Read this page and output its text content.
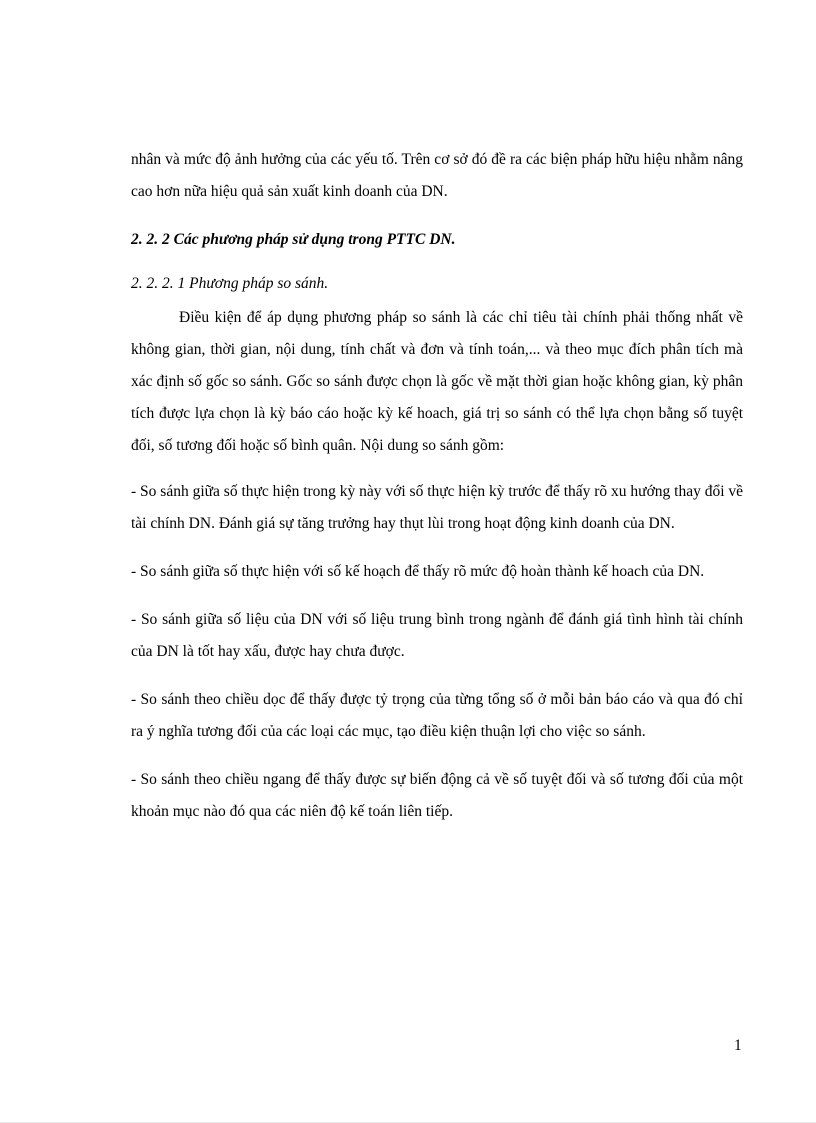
nhân và mức độ ảnh hưởng của các yếu tố. Trên cơ sở đó đề ra các biện pháp hữu hiệu nhằm nâng cao hơn nữa hiệu quả sản xuất kinh doanh của DN.

2. 2. 2 Các phương pháp sử dụng trong PTTC DN.

2. 2. 2. 1 Phương pháp so sánh.

Điều kiện để áp dụng phương pháp so sánh là các chỉ tiêu tài chính phải thống nhất về không gian, thời gian, nội dung, tính chất và đơn và tính toán,... và theo mục đích phân tích mà xác định số gốc so sánh. Gốc so sánh được chọn là gốc về mặt thời gian hoặc không gian, kỳ phân tích được lựa chọn là kỳ báo cáo hoặc kỳ kế hoach, giá trị so sánh có thể lựa chọn bằng số tuyệt đối, số tương đối hoặc số bình quân. Nội dung so sánh gồm:

- So sánh giữa số thực hiện trong kỳ này với số thực hiện kỳ trước để thấy rõ xu hướng thay đổi về tài chính DN. Đánh giá sự tăng trưởng hay thụt lùi trong hoạt động kinh doanh của DN.

- So sánh giữa số thực hiện với số kế hoạch để thấy rõ mức độ hoàn thành kế hoach của DN.

- So sánh giữa số liệu của DN với số liệu trung bình trong ngành để đánh giá tình hình tài chính của DN là tốt hay xấu, được hay chưa được.

- So sánh theo chiều dọc để thấy được tỷ trọng của từng tổng số ở mỗi bản báo cáo và qua đó chỉ ra ý nghĩa tương đối của các loại các mục, tạo điều kiện thuận lợi cho việc so sánh.

- So sánh theo chiều ngang để thấy được sự biến động cả về số tuyệt đối và số tương đối của một khoản mục nào đó qua các niên độ kế toán liên tiếp.

1
